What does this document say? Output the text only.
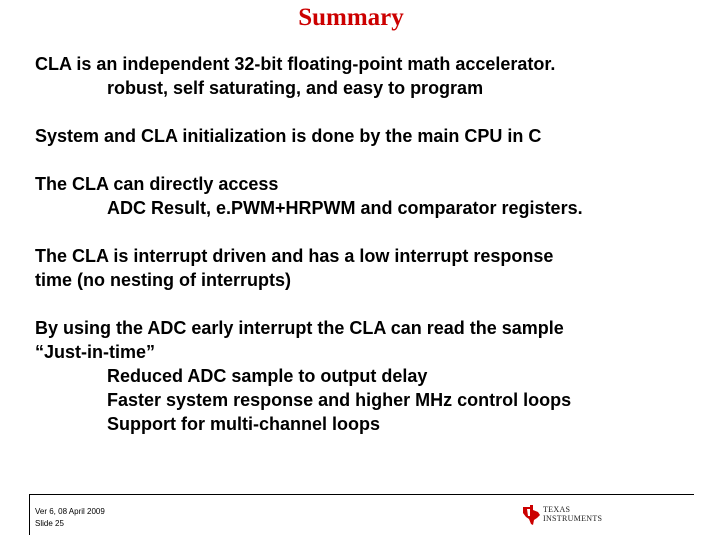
Summary
CLA is an independent 32-bit floating-point math accelerator.
robust, self saturating, and easy to program
System and CLA initialization is done by the main CPU in C
The CLA can directly access
ADC Result, e.PWM+HRPWM and comparator registers.
The CLA is interrupt driven and has a low interrupt response
time (no nesting of interrupts)
By using the ADC early interrupt the CLA can read the sample
“Just-in-time”
Reduced ADC sample to output delay
Faster system response and higher MHz control loops
Support for multi-channel loops
Ver 6, 08 April 2009
Slide 25
TEXAS
INSTRUMENTS
